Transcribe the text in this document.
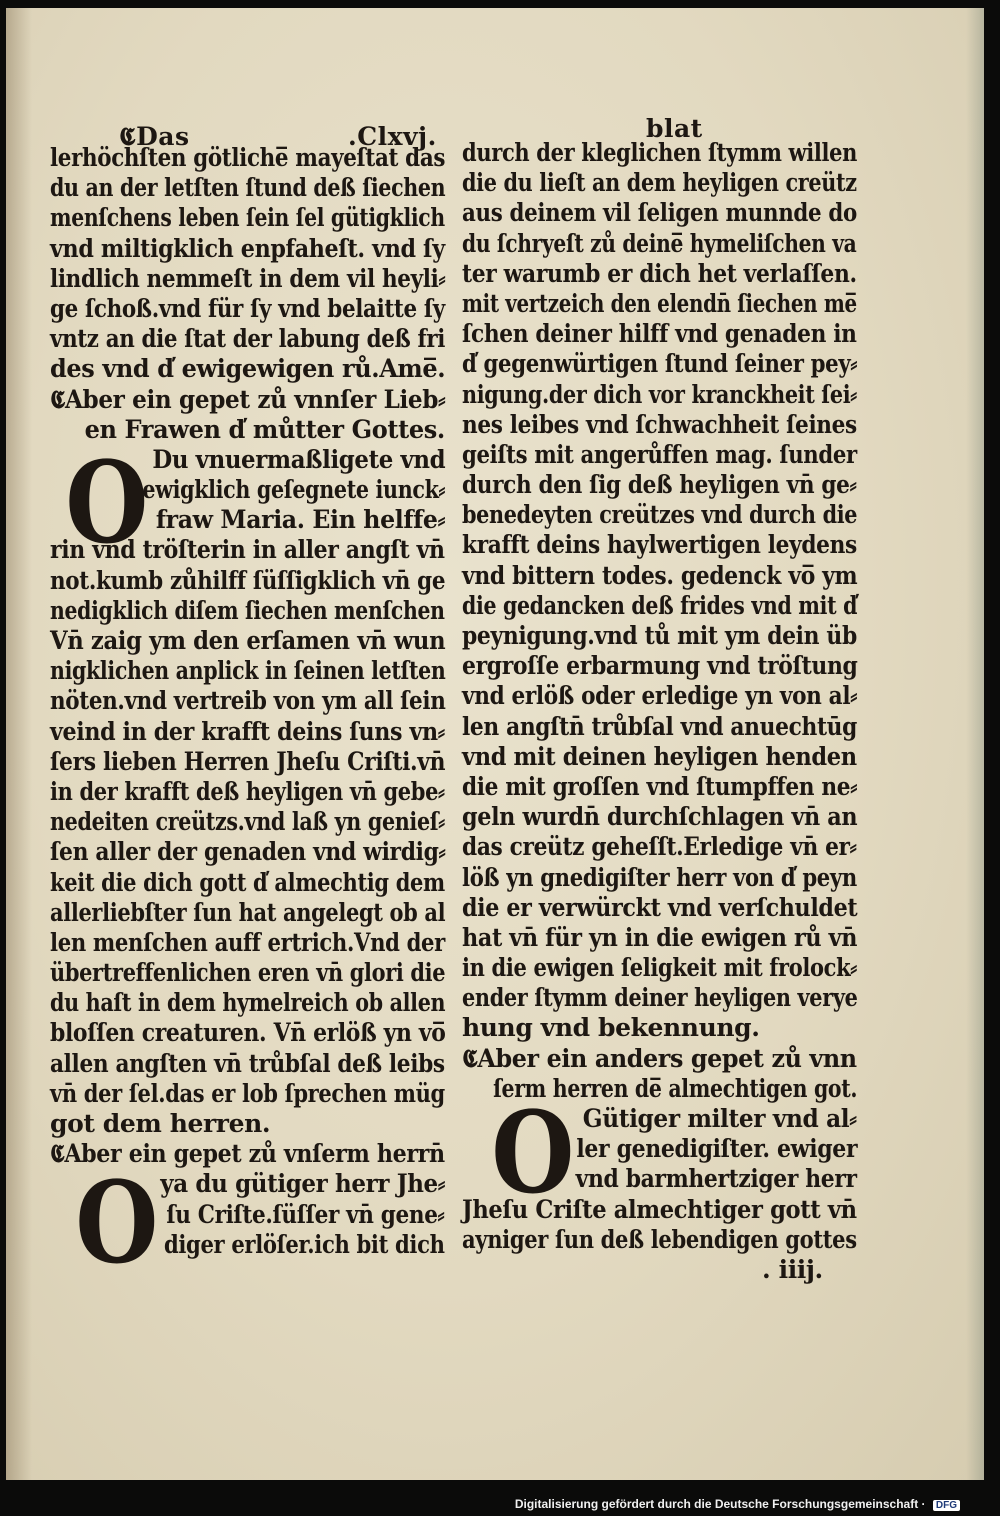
𝕮Das	.Clxvj.	blat
lerhöchſten götliche̅ mayeſtat das
du an der letſten ſtund deß ſiechen
menſchens leben ſein ſel gütigklich
vnd miltigklich enpfaheſt. vnd ſy
lindlich nemmeſt in dem vil heyli⸗
ge ſchoß.vnd für ſy vnd belaitte ſy
vntz an die ſtat der labung deß fri
des vnd d̕ ewigewigen rů.Ame̅.
𝕮Aber ein gepet zů vnnſer Lieb⸗
en Frawen d̕ můtter Gottes.
Du vnuermaßligete vnd
ewigklich geſegnete iunck⸗
fraw Maria. Ein helffe⸗
rin vnd tröſterin in aller angſt vn̄
not.kumb zůhilff ſüſſigklich vn̄ ge
nedigklich diſem ſiechen menſchen
Vn̄ zaig ym den erſamen vn̄ wun
nigklichen anplick in ſeinen letſten
nöten.vnd vertreib von ym all ſein
veind in der krafft deins ſuns vn⸗
ſers lieben Herren Jheſu Criſti.vn̄
in der krafft deß heyligen vn̄ gebe⸗
nedeiten creützs.vnd laß yn genieſ⸗
ſen aller der genaden vnd wirdig⸗
keit die dich gott d̕ almechtig dem
allerliebſter ſun hat angelegt ob al
len menſchen auff ertrich.Vnd der
übertreffenlichen eren vn̄ glori die
du haſt in dem hymelreich ob allen
bloſſen creaturen. Vn̄ erlöß yn vo̅
allen angſten vn̄ trůbſal deß leibs
vn̄ der ſel.das er lob ſprechen müg
got dem herren.
𝕮Aber ein gepet zů vnſerm herrn̄
ya du gütiger herr Jhe⸗
ſu Criſte.ſüſſer vn̄ gene⸗
diger erlöſer.ich bit dich
O
O
durch der kleglichen ſtymm willen
die du lieſt an dem heyligen creütz
aus deinem vil ſeligen munnde do
du ſchryeſt zů deine̅ hymeliſchen va
ter warumb er dich het verlaſſen.
mit vertzeich den elendn̄ ſiechen me̅
ſchen deiner hilff vnd genaden in
d̕ gegenwürtigen ſtund ſeiner pey⸗
nigung.der dich vor kranckheit ſei⸗
nes leibes vnd ſchwachheit ſeines
geiſts mit angerůffen mag. ſunder
durch den ſig deß heyligen vn̄ ge⸗
benedeyten creützes vnd durch die
krafft deins haylwertigen leydens
vnd bittern todes. gedenck vo̅ ym
die gedancken deß frides vnd mit d̕
peynigung.vnd tů mit ym dein üb
ergroſſe erbarmung vnd tröſtung
vnd erlöß oder erledige yn von al⸗
len angſtn̄ trůbſal vnd anuechtūg
vnd mit deinen heyligen henden
die mit groſſen vnd ſtumpffen ne⸗
geln wurdn̄ durchſchlagen vn̄ an
das creütz geheſſt.Erledige vn̄ er⸗
löß yn gnedigiſter herr von d̕ peyn
die er verwürckt vnd verſchuldet
hat vn̄ für yn in die ewigen rů vn̄
in die ewigen ſeligkeit mit frolock⸗
ender ſtymm deiner heyligen verye
hung vnd bekennung.
𝕮Aber ein anders gepet zů vnn
ſerm herren de̅ almechtigen got.
Gütiger milter vnd al⸗
ler genedigiſter. ewiger
vnd barmhertziger herr
Jheſu Criſte almechtiger gott vn̄
ayniger ſun deß lebendigen gottes
. iiij.
O
Digitalisierung gefördert durch die Deutsche Forschungsgemeinschaft · DFG
